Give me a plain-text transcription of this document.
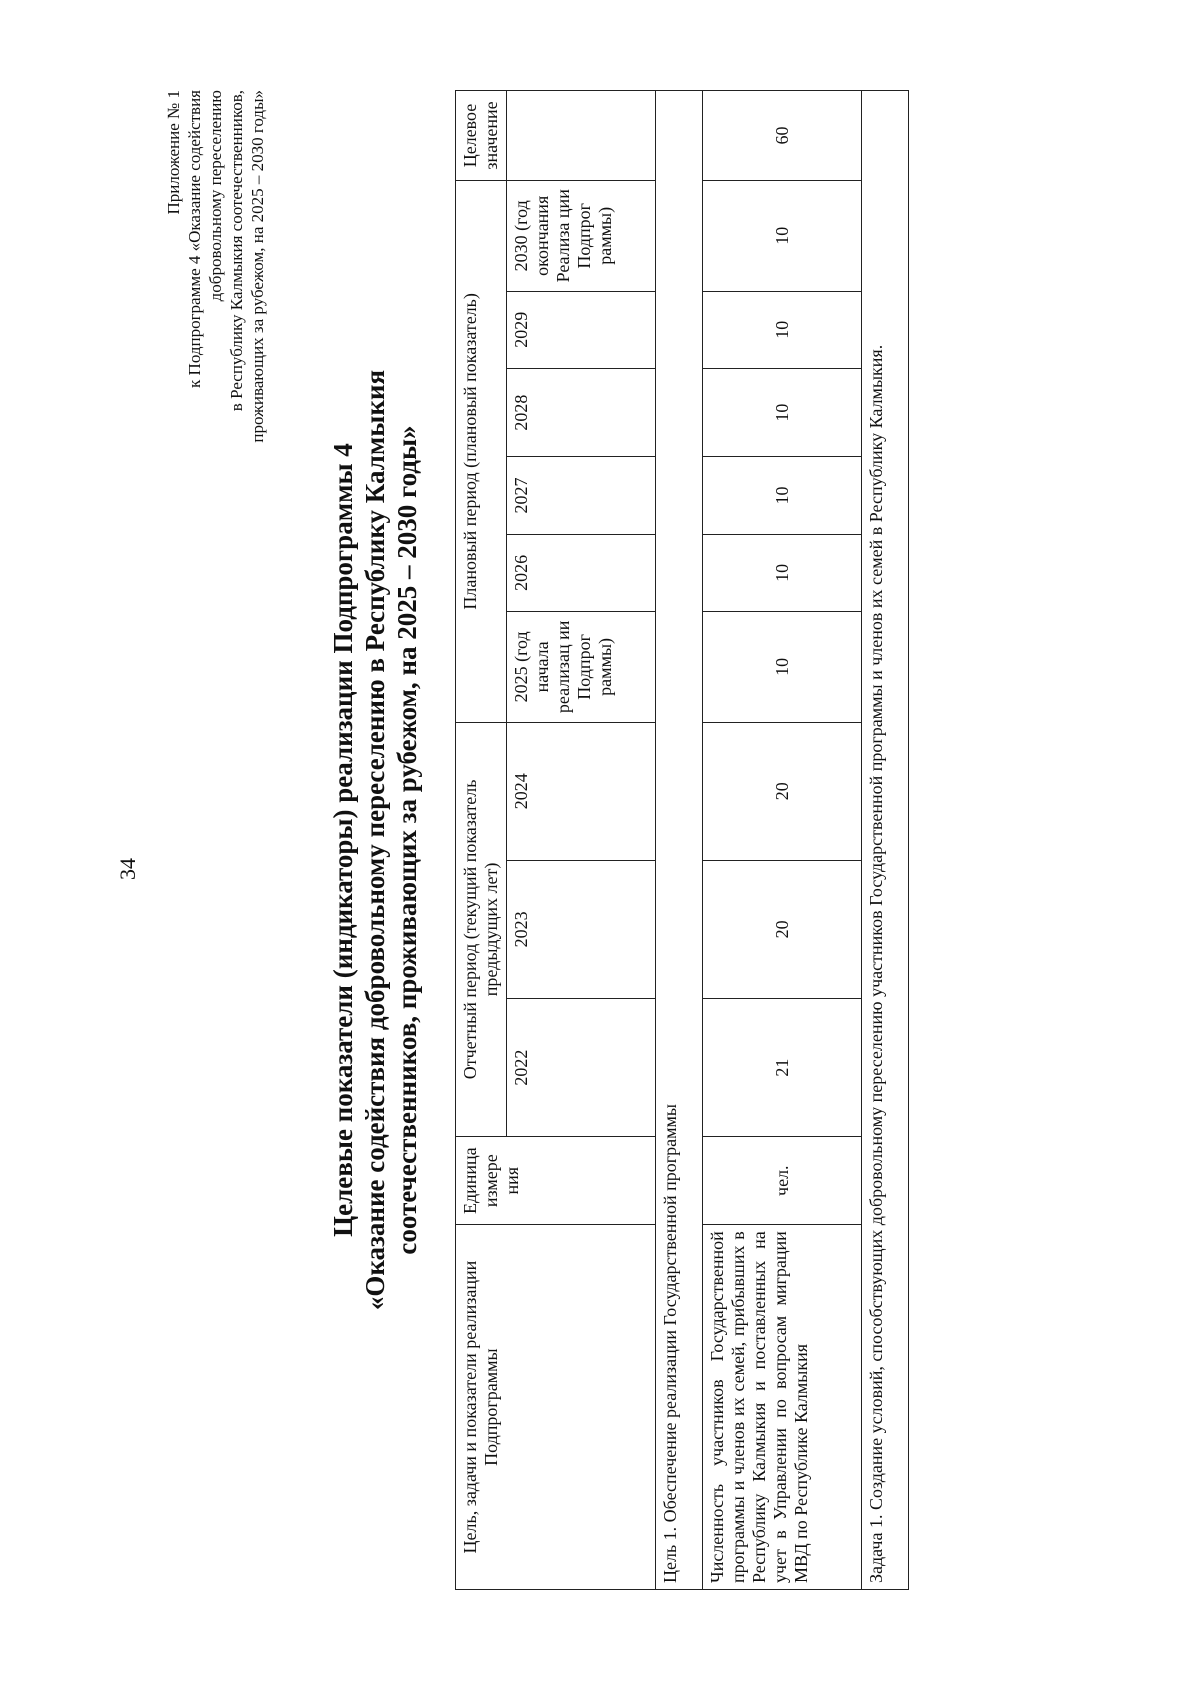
34
Приложение № 1 к Подпрограмме 4 «Оказание содействия добровольному переселению в Республику Калмыкия соотечественников, проживающих за рубежом, на 2025 – 2030 годы»
Целевые показатели (индикаторы) реализации Подпрограммы 4 «Оказание содействия добровольному переселению в Республику Калмыкия соотечественников, проживающих за рубежом, на 2025 – 2030 годы»
Цель, задачи и показатели реализации Подпрограммы	Единица измере ния	Отчетный период (текущий показатель предыдущих лет)			Плановый период (плановый показатель)						Целевое значение
		2022	2023	2024	2025 (год начала реализац ии Подпрог раммы)	2026	2027	2028	2029	2030 (год окончания Реализа ции Подпрог раммы)	
Цель 1. Обеспечение реализации Государственной программы											
Численность участников Государственной программы и членов их семей, прибывших в Республику Калмыкия и поставленных на учет в Управлении по вопросам миграции МВД по Республике Калмыкия	чел.	21	20	20	10	10	10	10	10	10	60
Задача 1. Создание условий, способствующих добровольному переселению участников Государственной программы и членов их семей в Республику Калмыкия.											
